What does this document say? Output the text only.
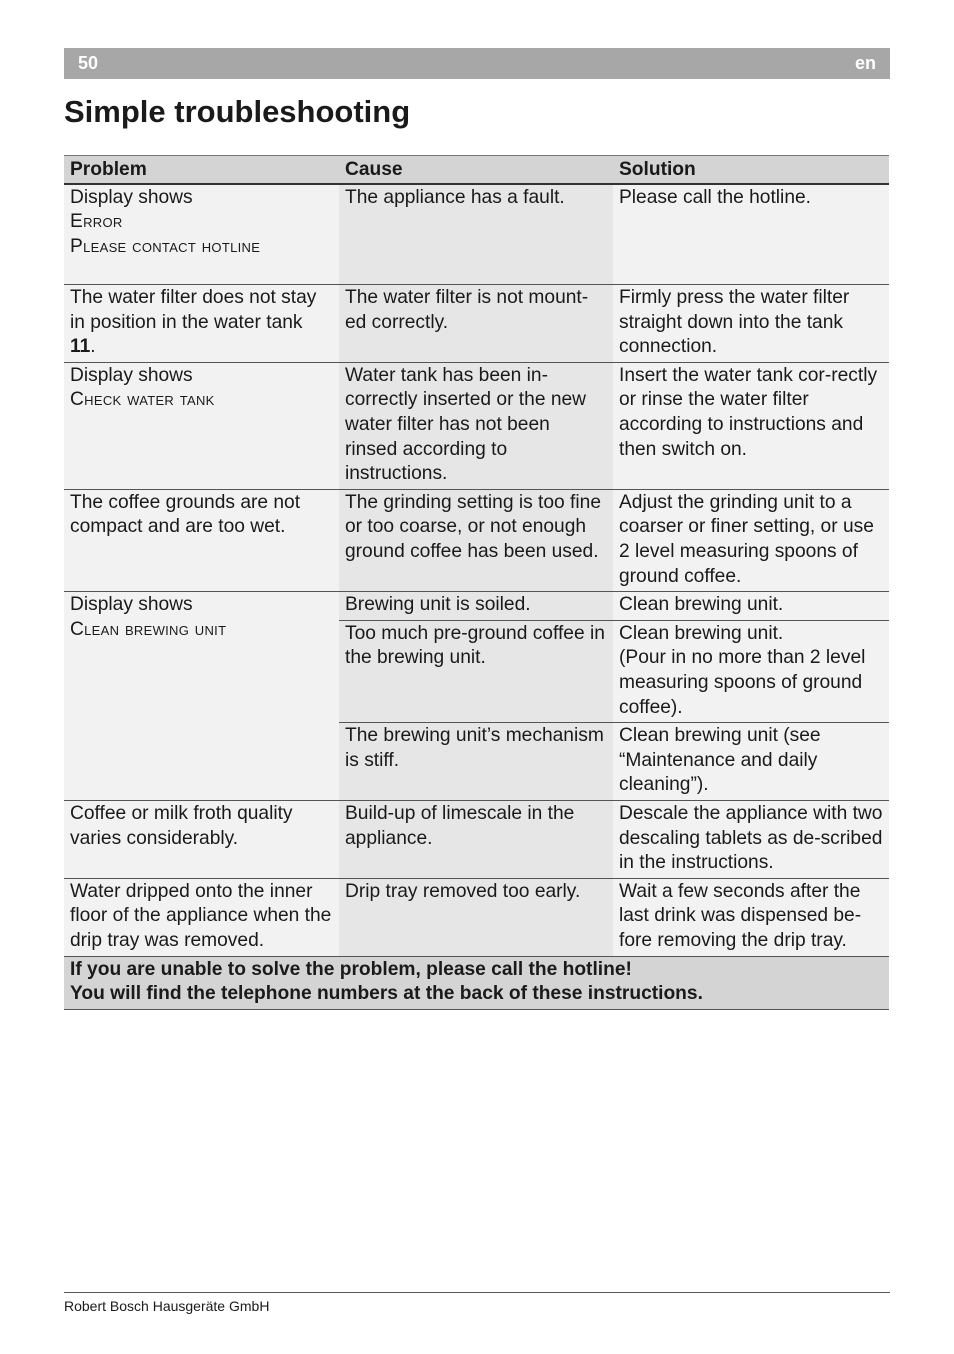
50	en
Simple troubleshooting
Problem	Cause	Solution

Display shows
Error
Please contact hotline	The appliance has a fault.	Please call the hotline.
The water filter does not stay in position in the water tank 11.	The water filter is not mount-ed correctly.	Firmly press the water filter straight down into the tank connection.

Display shows
Check water tank	Water tank has been in-correctly inserted or the new water filter has not been rinsed according to instructions.	Insert the water tank cor-rectly or rinse the water filter according to instructions and then switch on.
The coffee grounds are not compact and are too wet.	The grinding setting is too fine or too coarse, or not enough ground coffee has been used.	Adjust the grinding unit to a coarser or finer setting, or use 2 level measuring spoons of ground coffee.

Display shows
Clean brewing unit	Brewing unit is soiled.	Clean brewing unit.
	Too much pre-ground coffee in the brewing unit.	Clean brewing unit.
(Pour in no more than 2 level measuring spoons of ground coffee).

	The brewing unit’s mechanism is stiff.	Clean brewing unit (see “Maintenance and daily cleaning”).
Coffee or milk froth quality varies considerably.	Build-up of limescale in the appliance.	Descale the appliance with two descaling tablets as de-scribed in the instructions.
Water dripped onto the inner floor of the appliance when the drip tray was removed.	Drip tray removed too early.	Wait a few seconds after the last drink was dispensed be-fore removing the drip tray.

If you are unable to solve the problem, please call the hotline!
You will find the telephone numbers at the back of these instructions.		
Robert Bosch Hausgeräte GmbH
